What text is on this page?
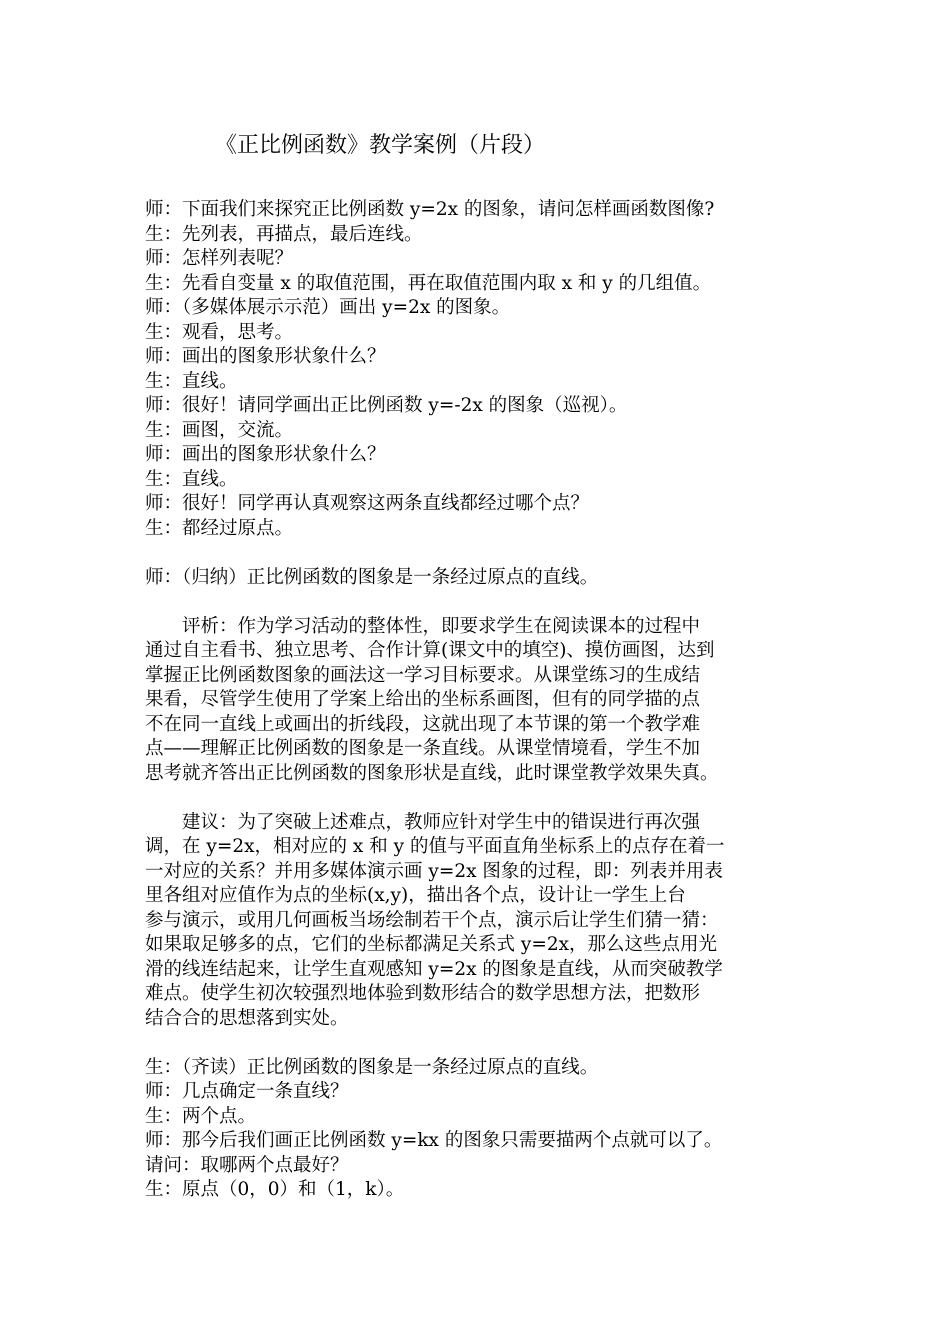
《正比例函数》教学案例（片段）
师：下面我们来探究正比例函数 y=2x 的图象，请问怎样画函数图像?
生：先列表，再描点，最后连线。
师：怎样列表呢？
生：先看自变量 x 的取值范围，再在取值范围内取 x 和 y 的几组值。
师：（多媒体展示示范）画出 y=2x 的图象。
生：观看，思考。
师：画出的图象形状象什么？
生：直线。
师：很好！请同学画出正比例函数 y=-2x 的图象（巡视）。
生：画图，交流。
师：画出的图象形状象什么？
生：直线。
师：很好！同学再认真观察这两条直线都经过哪个点？
生：都经过原点。
师：（归纳）正比例函数的图象是一条经过原点的直线。
评析：作为学习活动的整体性，即要求学生在阅读课本的过程中
通过自主看书、独立思考、合作计算(课文中的填空)、摸仿画图，达到
掌握正比例函数图象的画法这一学习目标要求。从课堂练习的生成结
果看，尽管学生使用了学案上给出的坐标系画图，但有的同学描的点
不在同一直线上或画出的折线段，这就出现了本节课的第一个教学难
点——理解正比例函数的图象是一条直线。从课堂情境看，学生不加
思考就齐答出正比例函数的图象形状是直线，此时课堂教学效果失真。
建议：为了突破上述难点，教师应针对学生中的错误进行再次强
调，在 y=2x，相对应的 x 和 y 的值与平面直角坐标系上的点存在着一
一对应的关系？并用多媒体演示画 y=2x 图象的过程，即：列表并用表
里各组对应值作为点的坐标(x,y)，描出各个点，设计让一学生上台
参与演示，或用几何画板当场绘制若干个点，演示后让学生们猜一猜：
如果取足够多的点，它们的坐标都满足关系式 y=2x，那么这些点用光
滑的线连结起来，让学生直观感知 y=2x 的图象是直线，从而突破教学
难点。使学生初次较强烈地体验到数形结合的数学思想方法，把数形
结合合的思想落到实处。
生：（齐读）正比例函数的图象是一条经过原点的直线。
师：几点确定一条直线？
生：两个点。
师：那今后我们画正比例函数 y=kx 的图象只需要描两个点就可以了。
请问：取哪两个点最好？
生：原点（0，0）和（1，k）。
